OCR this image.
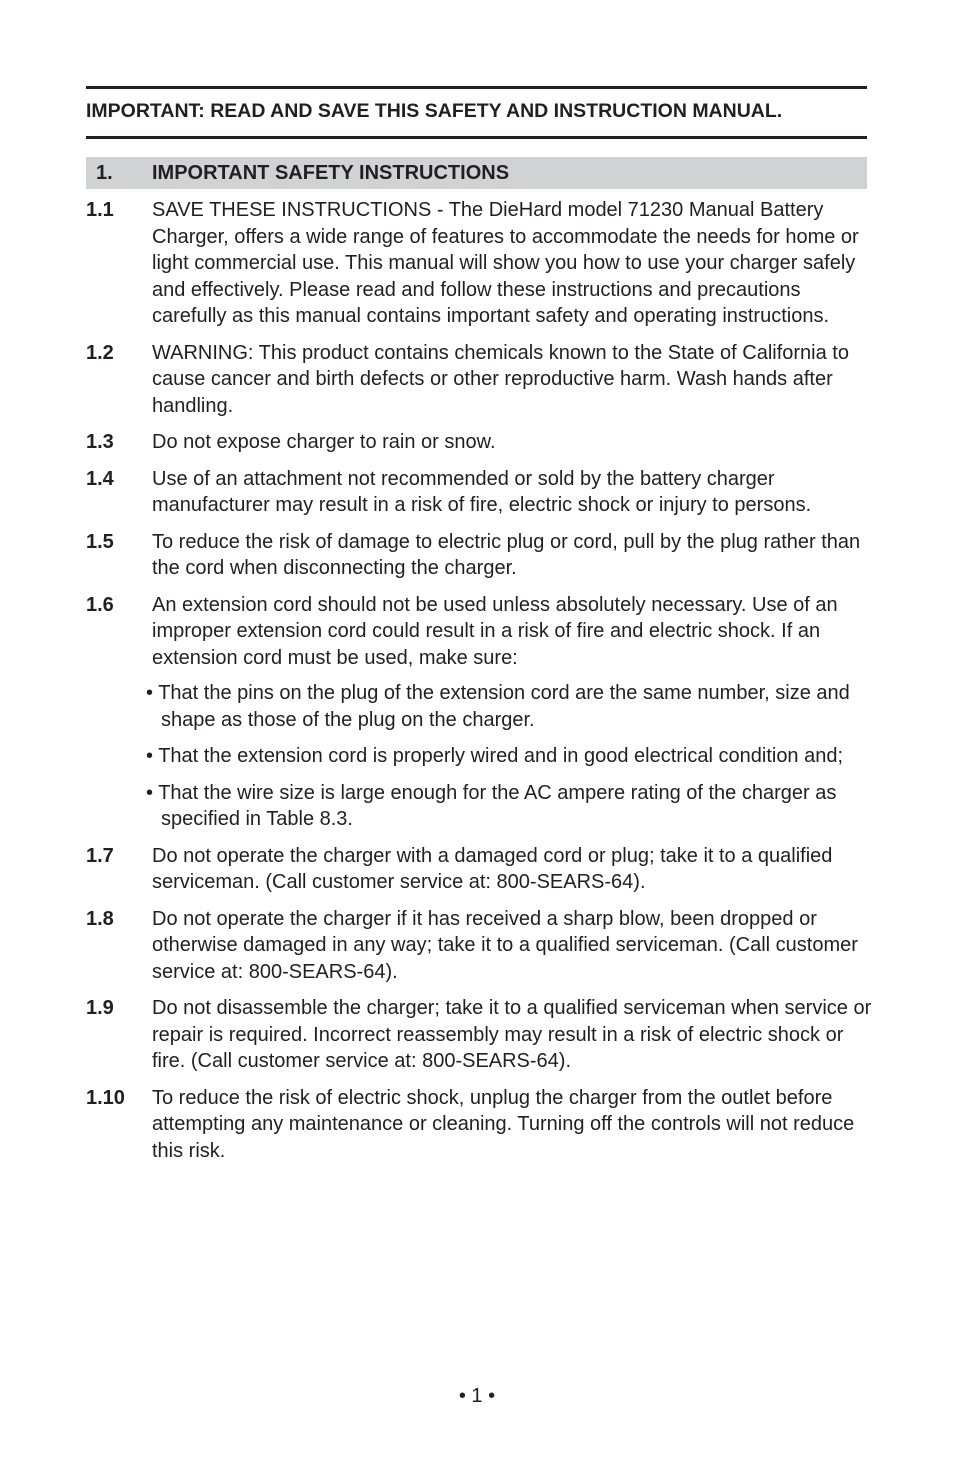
IMPORTANT: READ AND SAVE THIS SAFETY AND INSTRUCTION MANUAL.
1. IMPORTANT SAFETY INSTRUCTIONS
1.1 SAVE THESE INSTRUCTIONS - The DieHard model 71230 Manual Battery Charger, offers a wide range of features to accommodate the needs for home or light commercial use. This manual will show you how to use your charger safely and effectively. Please read and follow these instructions and precautions carefully as this manual contains important safety and operating instructions.
1.2 WARNING: This product contains chemicals known to the State of California to cause cancer and birth defects or other reproductive harm. Wash hands after handling.
1.3 Do not expose charger to rain or snow.
1.4 Use of an attachment not recommended or sold by the battery charger manufacturer may result in a risk of fire, electric shock or injury to persons.
1.5 To reduce the risk of damage to electric plug or cord, pull by the plug rather than the cord when disconnecting the charger.
1.6 An extension cord should not be used unless absolutely necessary. Use of an improper extension cord could result in a risk of fire and electric shock. If an extension cord must be used, make sure:
• That the pins on the plug of the extension cord are the same number, size and shape as those of the plug on the charger.
• That the extension cord is properly wired and in good electrical condition and;
• That the wire size is large enough for the AC ampere rating of the charger as specified in Table 8.3.
1.7 Do not operate the charger with a damaged cord or plug; take it to a qualified serviceman. (Call customer service at: 800-SEARS-64).
1.8 Do not operate the charger if it has received a sharp blow, been dropped or otherwise damaged in any way; take it to a qualified serviceman. (Call customer service at: 800-SEARS-64).
1.9 Do not disassemble the charger; take it to a qualified serviceman when service or repair is required. Incorrect reassembly may result in a risk of electric shock or fire. (Call customer service at: 800-SEARS-64).
1.10 To reduce the risk of electric shock, unplug the charger from the outlet before attempting any maintenance or cleaning. Turning off the controls will not reduce this risk.
• 1 •
